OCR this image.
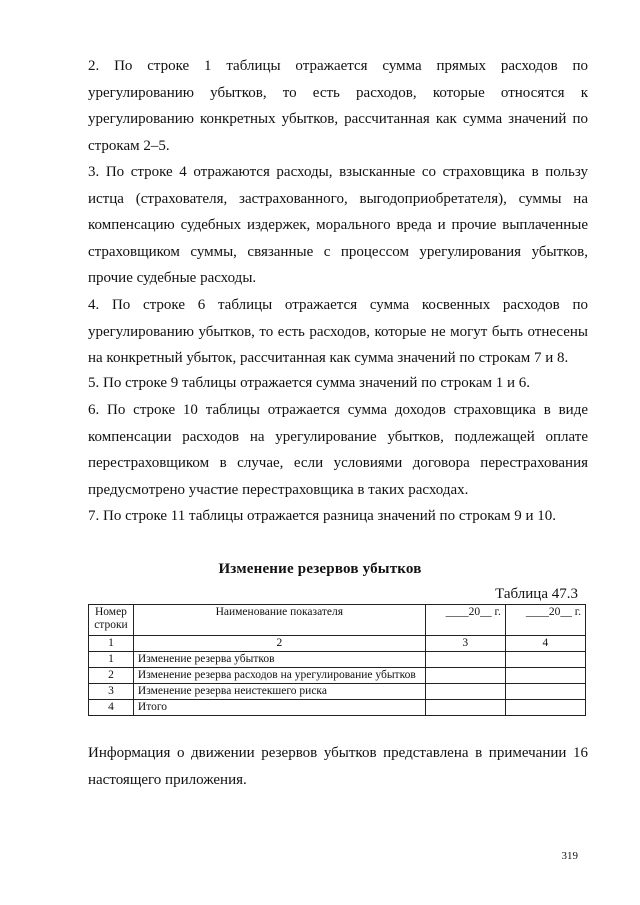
2. По строке 1 таблицы отражается сумма прямых расходов по урегулированию убытков, то есть расходов, которые относятся к урегулированию конкретных убытков, рассчитанная как сумма значений по строкам 2–5.

3. По строке 4 отражаются расходы, взысканные со страховщика в пользу истца (страхователя, застрахованного, выгодоприобретателя), суммы на компенсацию судебных издержек, морального вреда и прочие выплаченные страховщиком суммы, связанные с процессом урегулирования убытков, прочие судебные расходы.

4. По строке 6 таблицы отражается сумма косвенных расходов по урегулированию убытков, то есть расходов, которые не могут быть отнесены на конкретный убыток, рассчитанная как сумма значений по строкам 7 и 8.

5. По строке 9 таблицы отражается сумма значений по строкам 1 и 6.

6. По строке 10 таблицы отражается сумма доходов страховщика в виде компенсации расходов на урегулирование убытков, подлежащей оплате перестраховщиком в случае, если условиями договора перестрахования предусмотрено участие перестраховщика в таких расходах.

7. По строке 11 таблицы отражается разница значений по строкам 9 и 10.

Изменение резервов убытков

Таблица 47.3

Номер строки	Наименование показателя	____20__ г.	____20__ г.
1	2	3	4
1	Изменение резерва убытков		
2	Изменение резерва расходов на урегулирование убытков		
3	Изменение резерва неистекшего риска		
4	Итого		

Информация о движении резервов убытков представлена в примечании 16 настоящего приложения.

319
